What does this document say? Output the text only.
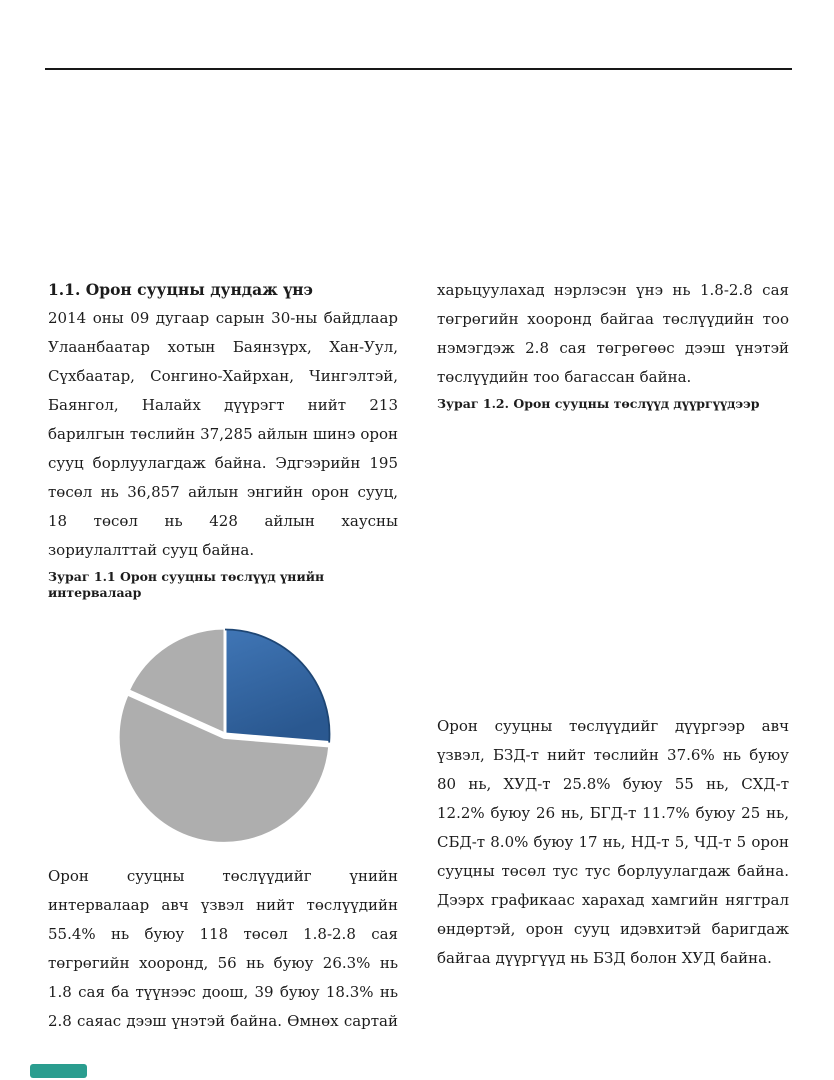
1.1. Орон сууцны дундаж үнэ

2014 оны 09 дугаар сарын 30-ны байдлаар Улаанбаатар хотын Баянзүрх, Хан-Уул, Сүхбаатар, Сонгино-Хайрхан, Чингэлтэй, Баянгол, Налайх дүүрэгт нийт 213 барилгын төслийн 37,285 айлын шинэ орон сууц борлуулагдаж байна. Эдгээрийн 195 төсөл нь 36,857 айлын энгийн орон сууц, 18 төсөл нь 428 айлын хаусны зориулалттай сууц байна.

Зураг 1.1 Орон сууцны төслүүд үнийн интервалаар

Орон сууцны төслүүдийг үнийн интервалаар авч үзвэл нийт төслүүдийн 55.4% нь буюу 118 төсөл 1.8-2.8 сая төгрөгийн хооронд, 56 нь буюу 26.3% нь 1.8 сая ба түүнээс доош, 39 буюу 18.3% нь 2.8 саяас дээш үнэтэй байна. Өмнөх сартай

харьцуулахад нэрлэсэн үнэ нь 1.8-2.8 сая төгрөгийн хооронд байгаа төслүүдийн тоо нэмэгдэж 2.8 сая төгрөгөөс дээш үнэтэй төслүүдийн тоо багассан байна.

Зураг 1.2. Орон сууцны төслүүд дүүргүүдээр

Орон сууцны төслүүдийг дүүргээр авч үзвэл, БЗД-т нийт төслийн 37.6% нь буюу 80 нь, ХУД-т 25.8% буюу 55 нь, СХД-т 12.2% буюу 26 нь, БГД-т 11.7% буюу 25 нь, СБД-т 8.0% буюу 17 нь, НД-т 5, ЧД-т 5 орон сууцны төсөл тус тус борлуулагдаж байна. Дээрх графикаас харахад хамгийн нягтрал өндөртэй, орон сууц идэвхитэй баригдаж байгаа дүүргүүд нь БЗД болон ХУД байна.
